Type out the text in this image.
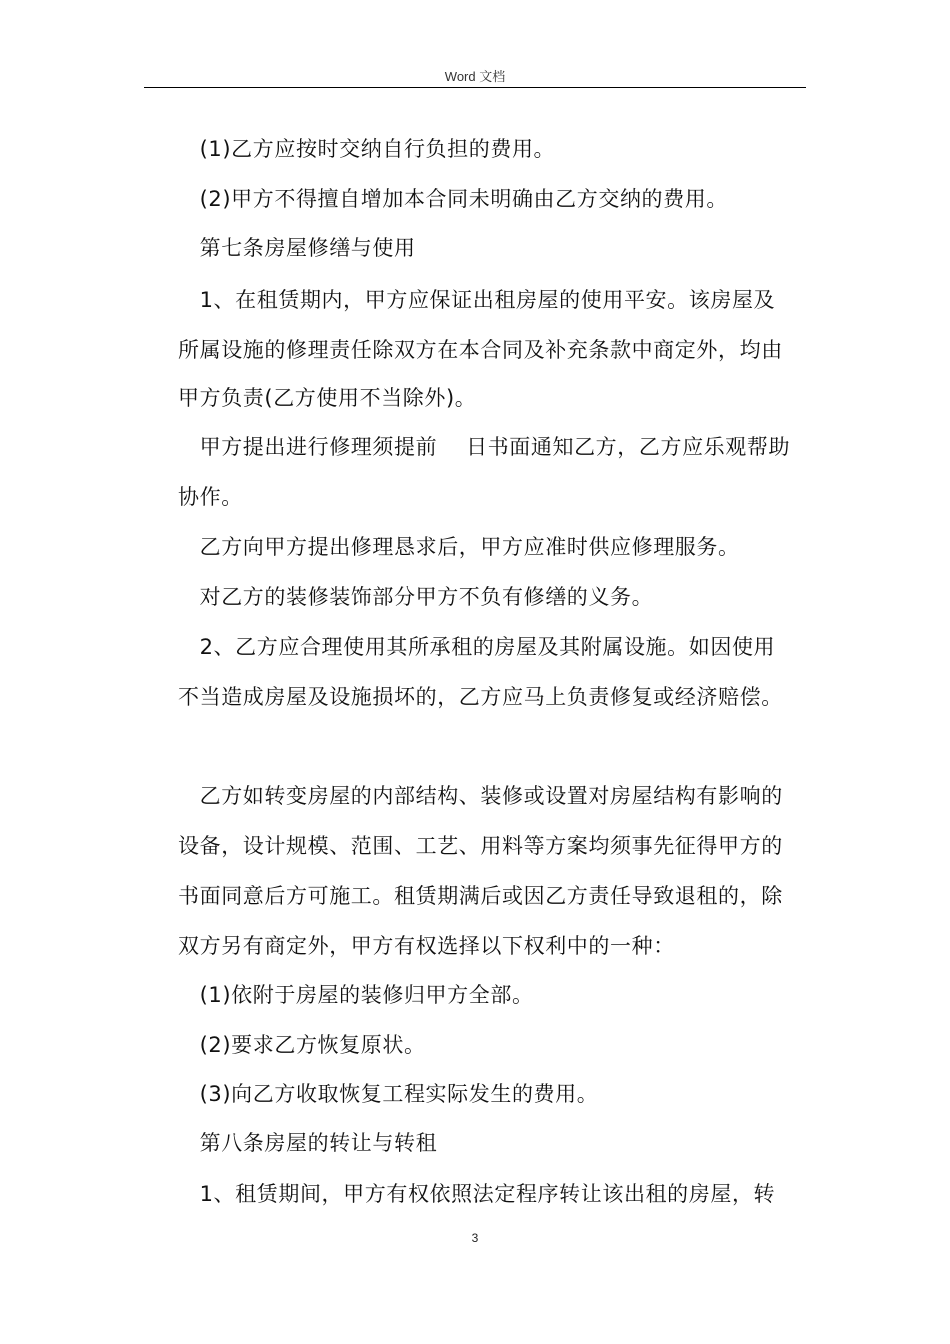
Word 文档
　(1)乙方应按时交纳自行负担的费用。
　(2)甲方不得擅自增加本合同未明确由乙方交纳的费用。
　第七条房屋修缮与使用
　1、在租赁期内，甲方应保证出租房屋的使用平安。该房屋及
所属设施的修理责任除双方在本合同及补充条款中商定外，均由
甲方负责(乙方使用不当除外)。
　甲方提出进行修理须提前　 日书面通知乙方，乙方应乐观帮助
协作。
　乙方向甲方提出修理恳求后，甲方应准时供应修理服务。
　对乙方的装修装饰部分甲方不负有修缮的义务。
　2、乙方应合理使用其所承租的房屋及其附属设施。如因使用
不当造成房屋及设施损坏的，乙方应马上负责修复或经济赔偿。
　乙方如转变房屋的内部结构、装修或设置对房屋结构有影响的
设备，设计规模、范围、工艺、用料等方案均须事先征得甲方的
书面同意后方可施工。租赁期满后或因乙方责任导致退租的，除
双方另有商定外，甲方有权选择以下权利中的一种：
　(1)依附于房屋的装修归甲方全部。
　(2)要求乙方恢复原状。
　(3)向乙方收取恢复工程实际发生的费用。
　第八条房屋的转让与转租
　1、租赁期间，甲方有权依照法定程序转让该出租的房屋，转
3
